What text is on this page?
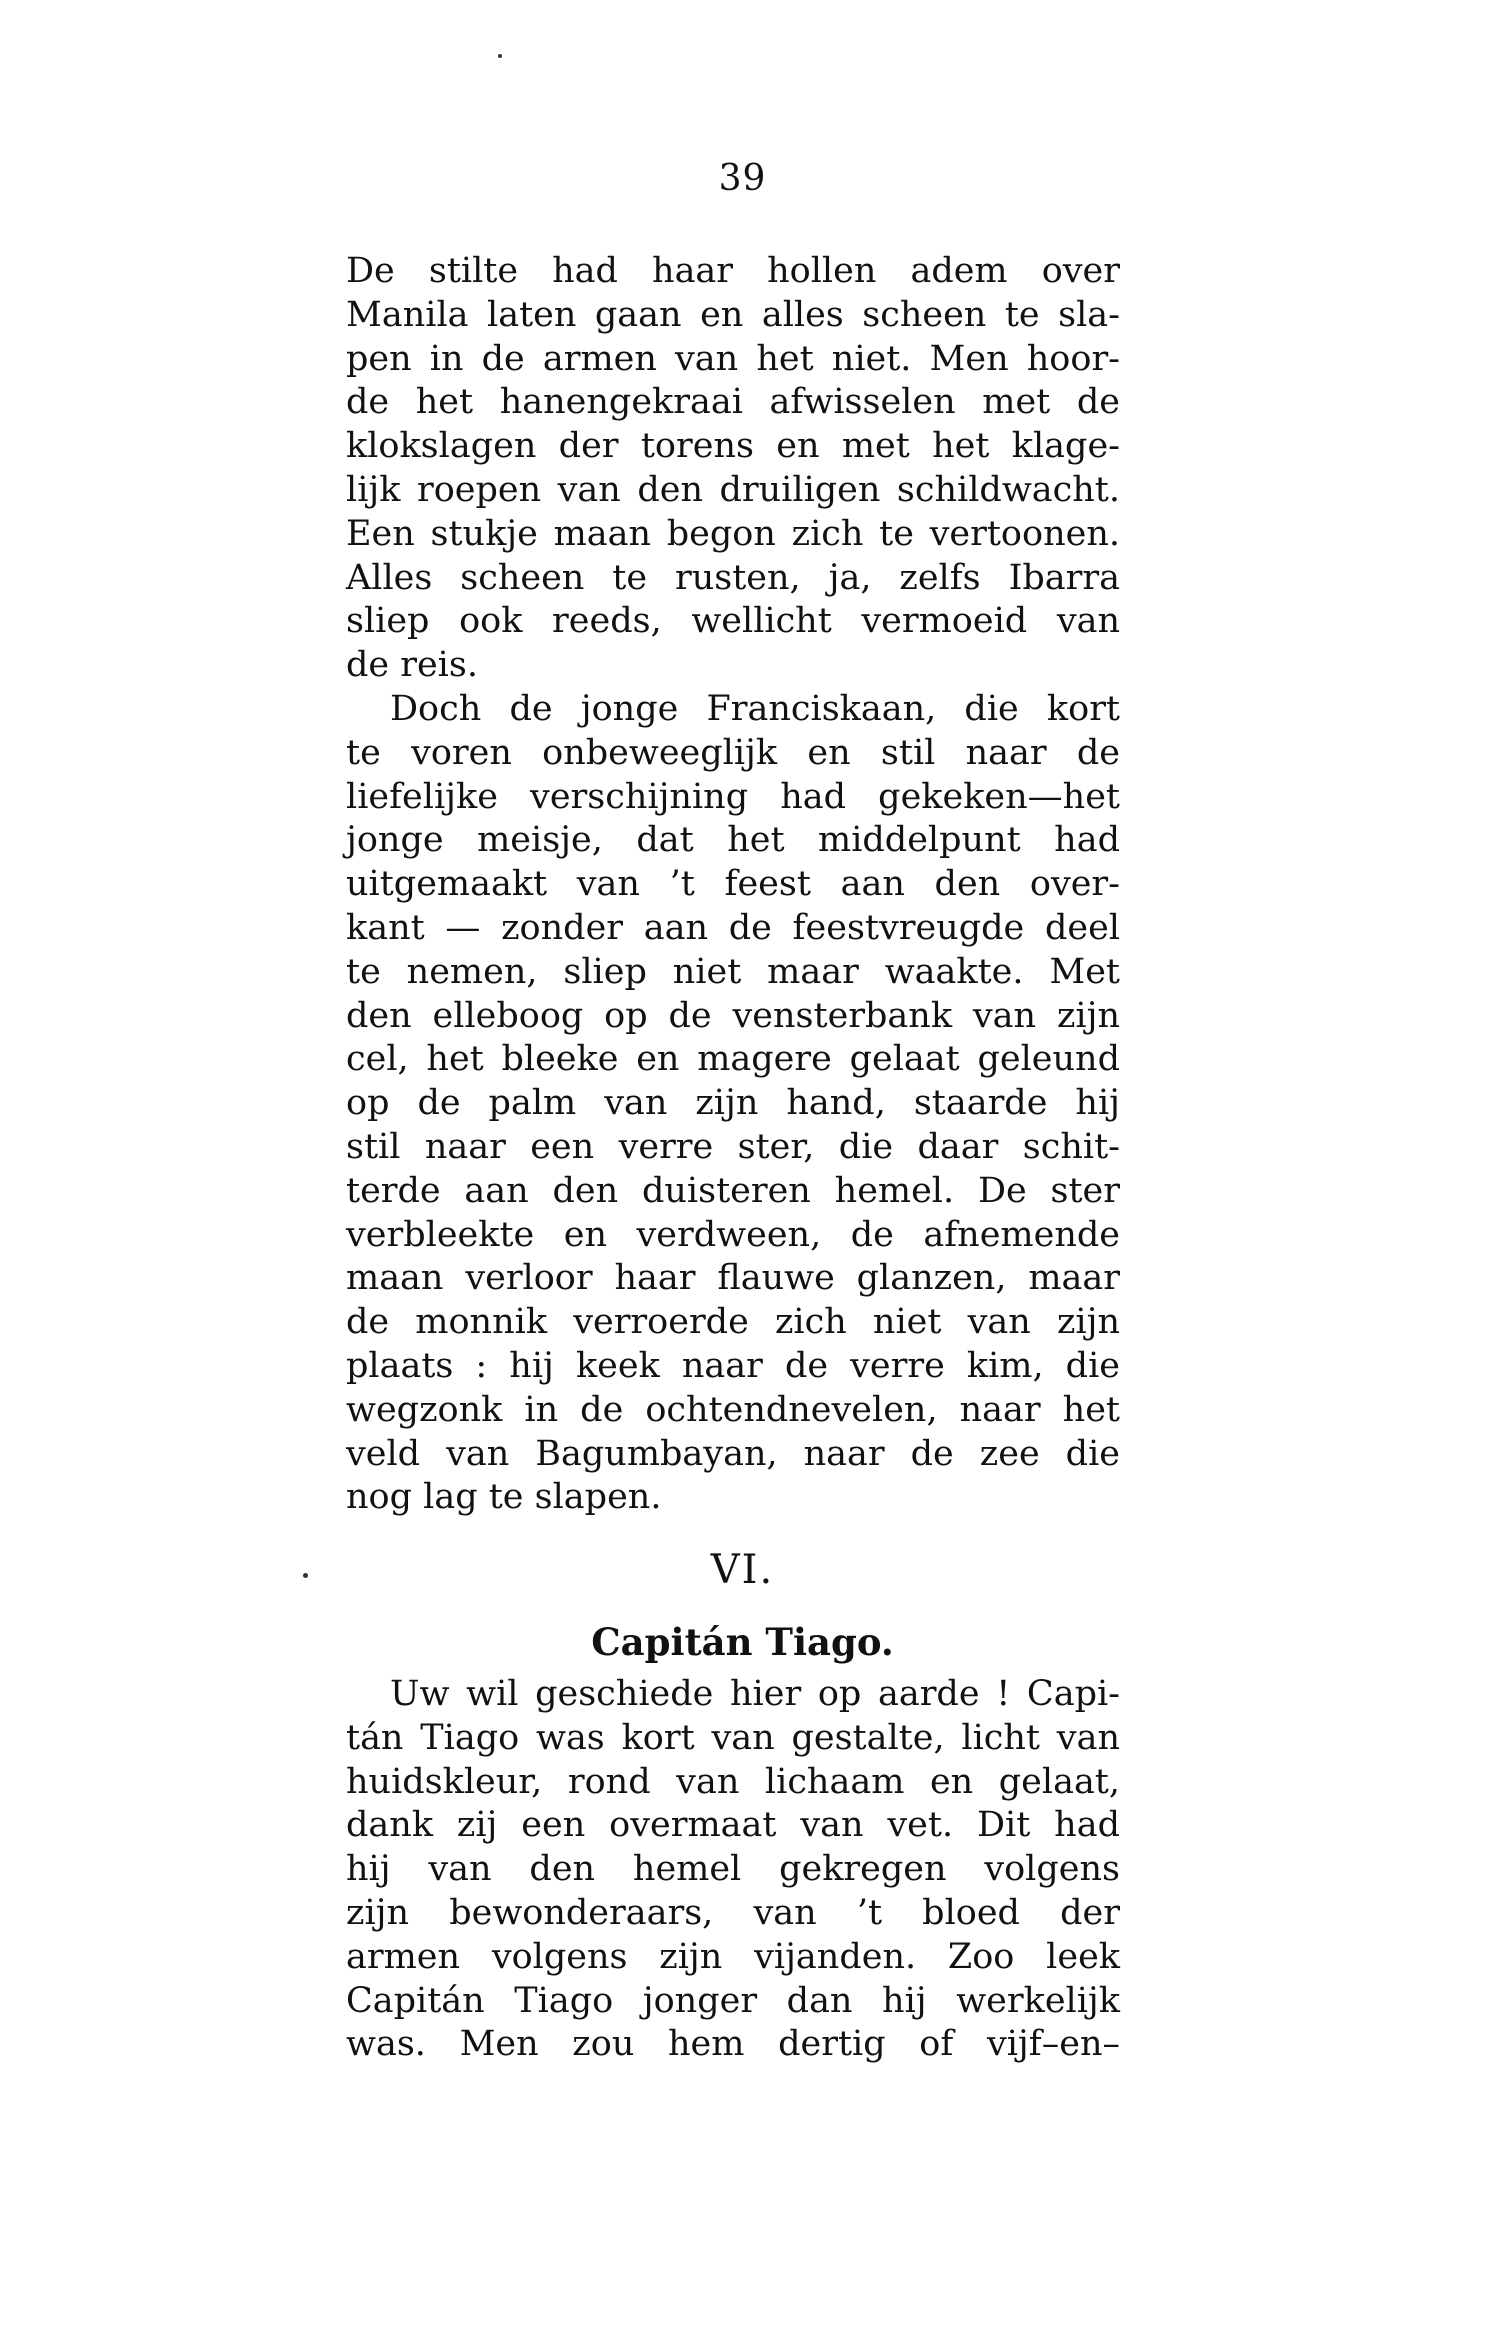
39
De stilte had haar hollen adem over
Manila laten gaan en alles scheen te sla-
pen in de armen van het niet. Men hoor-
de het hanengekraai afwisselen met de
klokslagen der torens en met het klage-
lijk roepen van den druiligen schildwacht.
Een stukje maan begon zich te vertoonen.
Alles scheen te rusten, ja, zelfs Ibarra
sliep ook reeds, wellicht vermoeid van
de reis.
Doch de jonge Franciskaan, die kort
te voren onbeweeglijk en stil naar de
liefelijke verschijning had gekeken—het
jonge meisje, dat het middelpunt had
uitgemaakt van ’t feest aan den over-
kant — zonder aan de feestvreugde deel
te nemen, sliep niet maar waakte. Met
den elleboog op de vensterbank van zijn
cel, het bleeke en magere gelaat geleund
op de palm van zijn hand, staarde hij
stil naar een verre ster, die daar schit-
terde aan den duisteren hemel. De ster
verbleekte en verdween, de afnemende
maan verloor haar flauwe glanzen, maar
de monnik verroerde zich niet van zijn
plaats : hij keek naar de verre kim, die
wegzonk in de ochtendnevelen, naar het
veld van Bagumbayan, naar de zee die
nog lag te slapen.
VI.
Capitán Tiago.
Uw wil geschiede hier op aarde ! Capi-
tán Tiago was kort van gestalte, licht van
huidskleur, rond van lichaam en gelaat,
dank zij een overmaat van vet. Dit had
hij van den hemel gekregen volgens
zijn bewonderaars, van ’t bloed der
armen volgens zijn vijanden. Zoo leek
Capitán Tiago jonger dan hij werkelijk
was. Men zou hem dertig of vijf–en–
